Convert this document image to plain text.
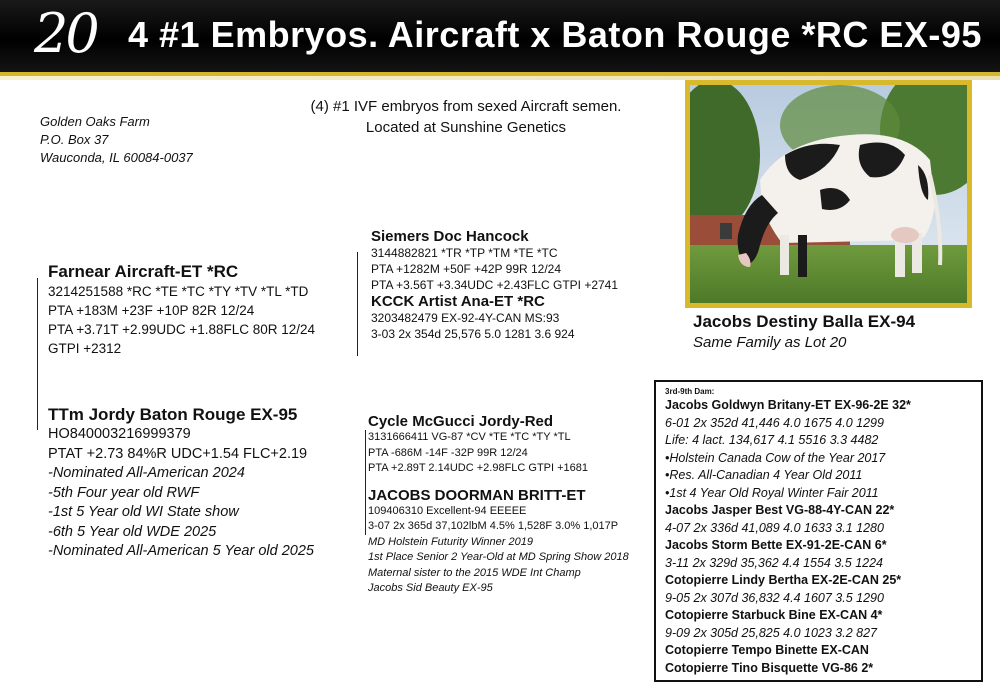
20 4 #1 Embryos. Aircraft x Baton Rouge *RC EX-95
Golden Oaks Farm
P.O. Box 37
Wauconda, IL 60084-0037
(4) #1 IVF embryos from sexed Aircraft semen.
Located at Sunshine Genetics
Jacobs Destiny Balla EX-94
Same Family as Lot 20
Farnear Aircraft-ET *RC
3214251588 *RC *TE *TC *TY *TV *TL *TD
PTA +183M +23F +10P 82R 12/24
PTA +3.71T +2.99UDC +1.88FLC 80R 12/24
GTPI +2312
Siemers Doc Hancock
3144882821 *TR *TP *TM *TE *TC
PTA +1282M +50F +42P 99R 12/24
PTA +3.56T +3.34UDC +2.43FLC GTPI +2741
KCCK Artist Ana-ET *RC
3203482479 EX-92-4Y-CAN MS:93
3-03 2x 354d 25,576 5.0 1281 3.6 924
TTm Jordy Baton Rouge EX-95
HO840003216999379
PTAT +2.73 84%R UDC+1.54 FLC+2.19
-Nominated All-American 2024
-5th Four year old RWF
-1st 5 Year old WI State show
-6th 5 Year old WDE 2025
-Nominated All-American 5 Year old 2025
Cycle McGucci Jordy-Red
3131666411 VG-87 *CV *TE *TC *TY *TL
PTA -686M -14F -32P 99R 12/24
PTA +2.89T 2.14UDC +2.98FLC GTPI +1681
JACOBS DOORMAN BRITT-ET
109406310 Excellent-94 EEEEE
3-07 2x 365d 37,102lbM 4.5% 1,528F 3.0% 1,017P
MD Holstein Futurity Winner 2019
1st Place Senior 2 Year-Old at MD Spring Show 2018
Maternal sister to the 2015 WDE Int Champ
Jacobs Sid Beauty EX-95
3rd-9th Dam:
Jacobs Goldwyn Britany-ET EX-96-2E 32*
6-01 2x 352d 41,446 4.0 1675 4.0 1299
Life: 4 lact. 134,617 4.1 5516 3.3 4482
•Holstein Canada Cow of the Year 2017
•Res. All-Canadian 4 Year Old 2011
•1st 4 Year Old Royal Winter Fair 2011
Jacobs Jasper Best VG-88-4Y-CAN 22*
4-07 2x 336d 41,089 4.0 1633 3.1 1280
Jacobs Storm Bette EX-91-2E-CAN 6*
3-11 2x 329d 35,362 4.4 1554 3.5 1224
Cotopierre Lindy Bertha EX-2E-CAN 25*
9-05 2x 307d 36,832 4.4 1607 3.5 1290
Cotopierre Starbuck Bine EX-CAN 4*
9-09 2x 305d 25,825 4.0 1023 3.2 827
Cotopierre Tempo Binette EX-CAN
Cotopierre Tino Bisquette VG-86 2*
